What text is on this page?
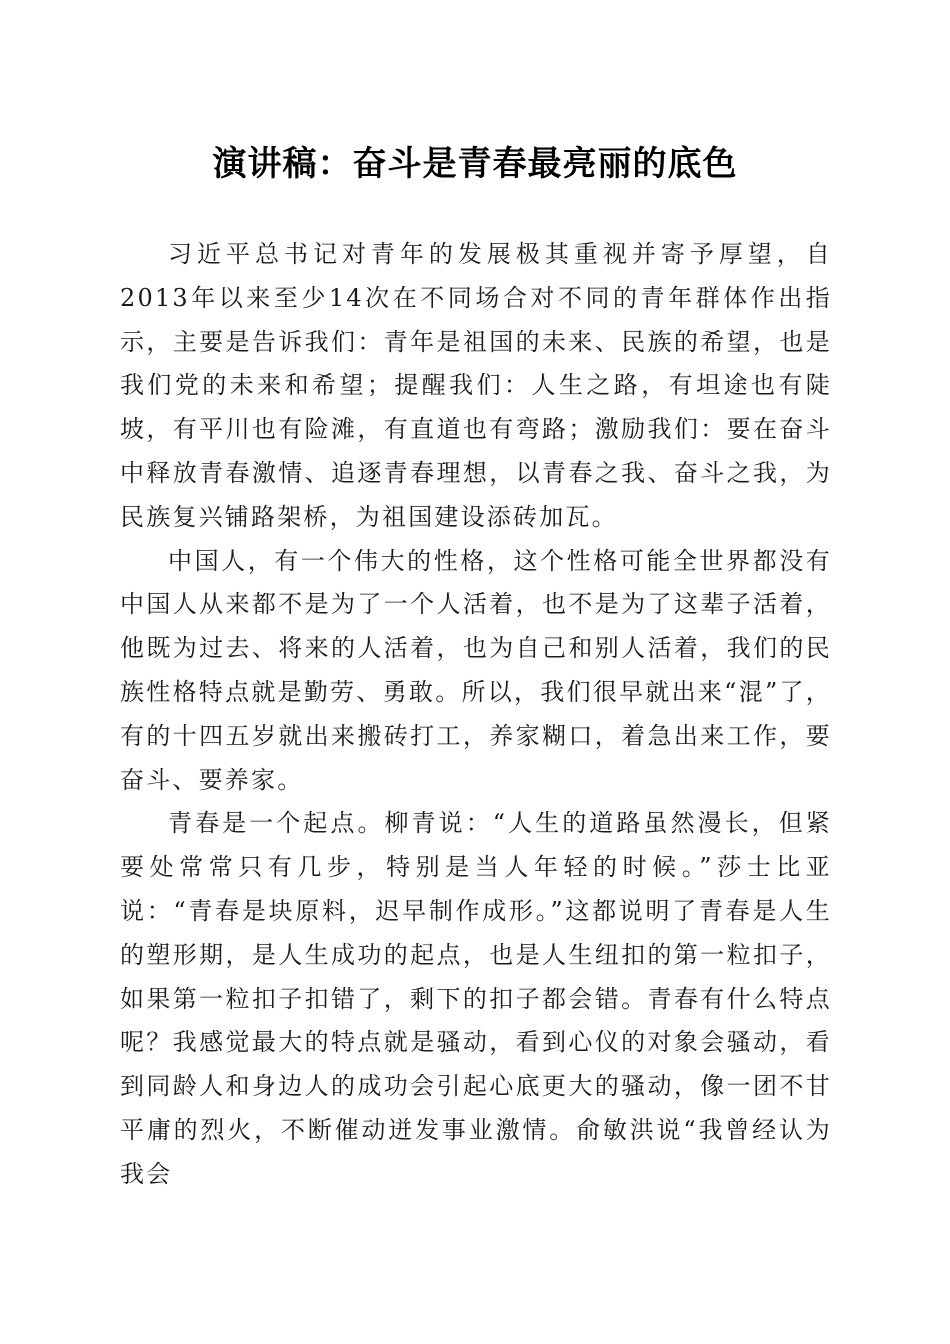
演讲稿：奋斗是青春最亮丽的底色

习近平总书记对青年的发展极其重视并寄予厚望，自2013年以来至少14次在不同场合对不同的青年群体作出指示，主要是告诉我们：青年是祖国的未来、民族的希望，也是我们党的未来和希望；提醒我们：人生之路，有坦途也有陡坡，有平川也有险滩，有直道也有弯路；激励我们：要在奋斗中释放青春激情、追逐青春理想，以青春之我、奋斗之我，为民族复兴铺路架桥，为祖国建设添砖加瓦。

中国人，有一个伟大的性格，这个性格可能全世界都没有中国人从来都不是为了一个人活着，也不是为了这辈子活着，他既为过去、将来的人活着，也为自己和别人活着，我们的民族性格特点就是勤劳、勇敢。所以，我们很早就出来“混”了，有的十四五岁就出来搬砖打工，养家糊口，着急出来工作，要奋斗、要养家。

青春是一个起点。柳青说：“人生的道路虽然漫长，但紧要处常常只有几步，特别是当人年轻的时候。”莎士比亚说：“青春是块原料，迟早制作成形。”这都说明了青春是人生的塑形期，是人生成功的起点，也是人生纽扣的第一粒扣子，如果第一粒扣子扣错了，剩下的扣子都会错。青春有什么特点呢？我感觉最大的特点就是骚动，看到心仪的对象会骚动，看到同龄人和身边人的成功会引起心底更大的骚动，像一团不甘平庸的烈火，不断催动迸发事业激情。俞敏洪说“我曾经认为我会
